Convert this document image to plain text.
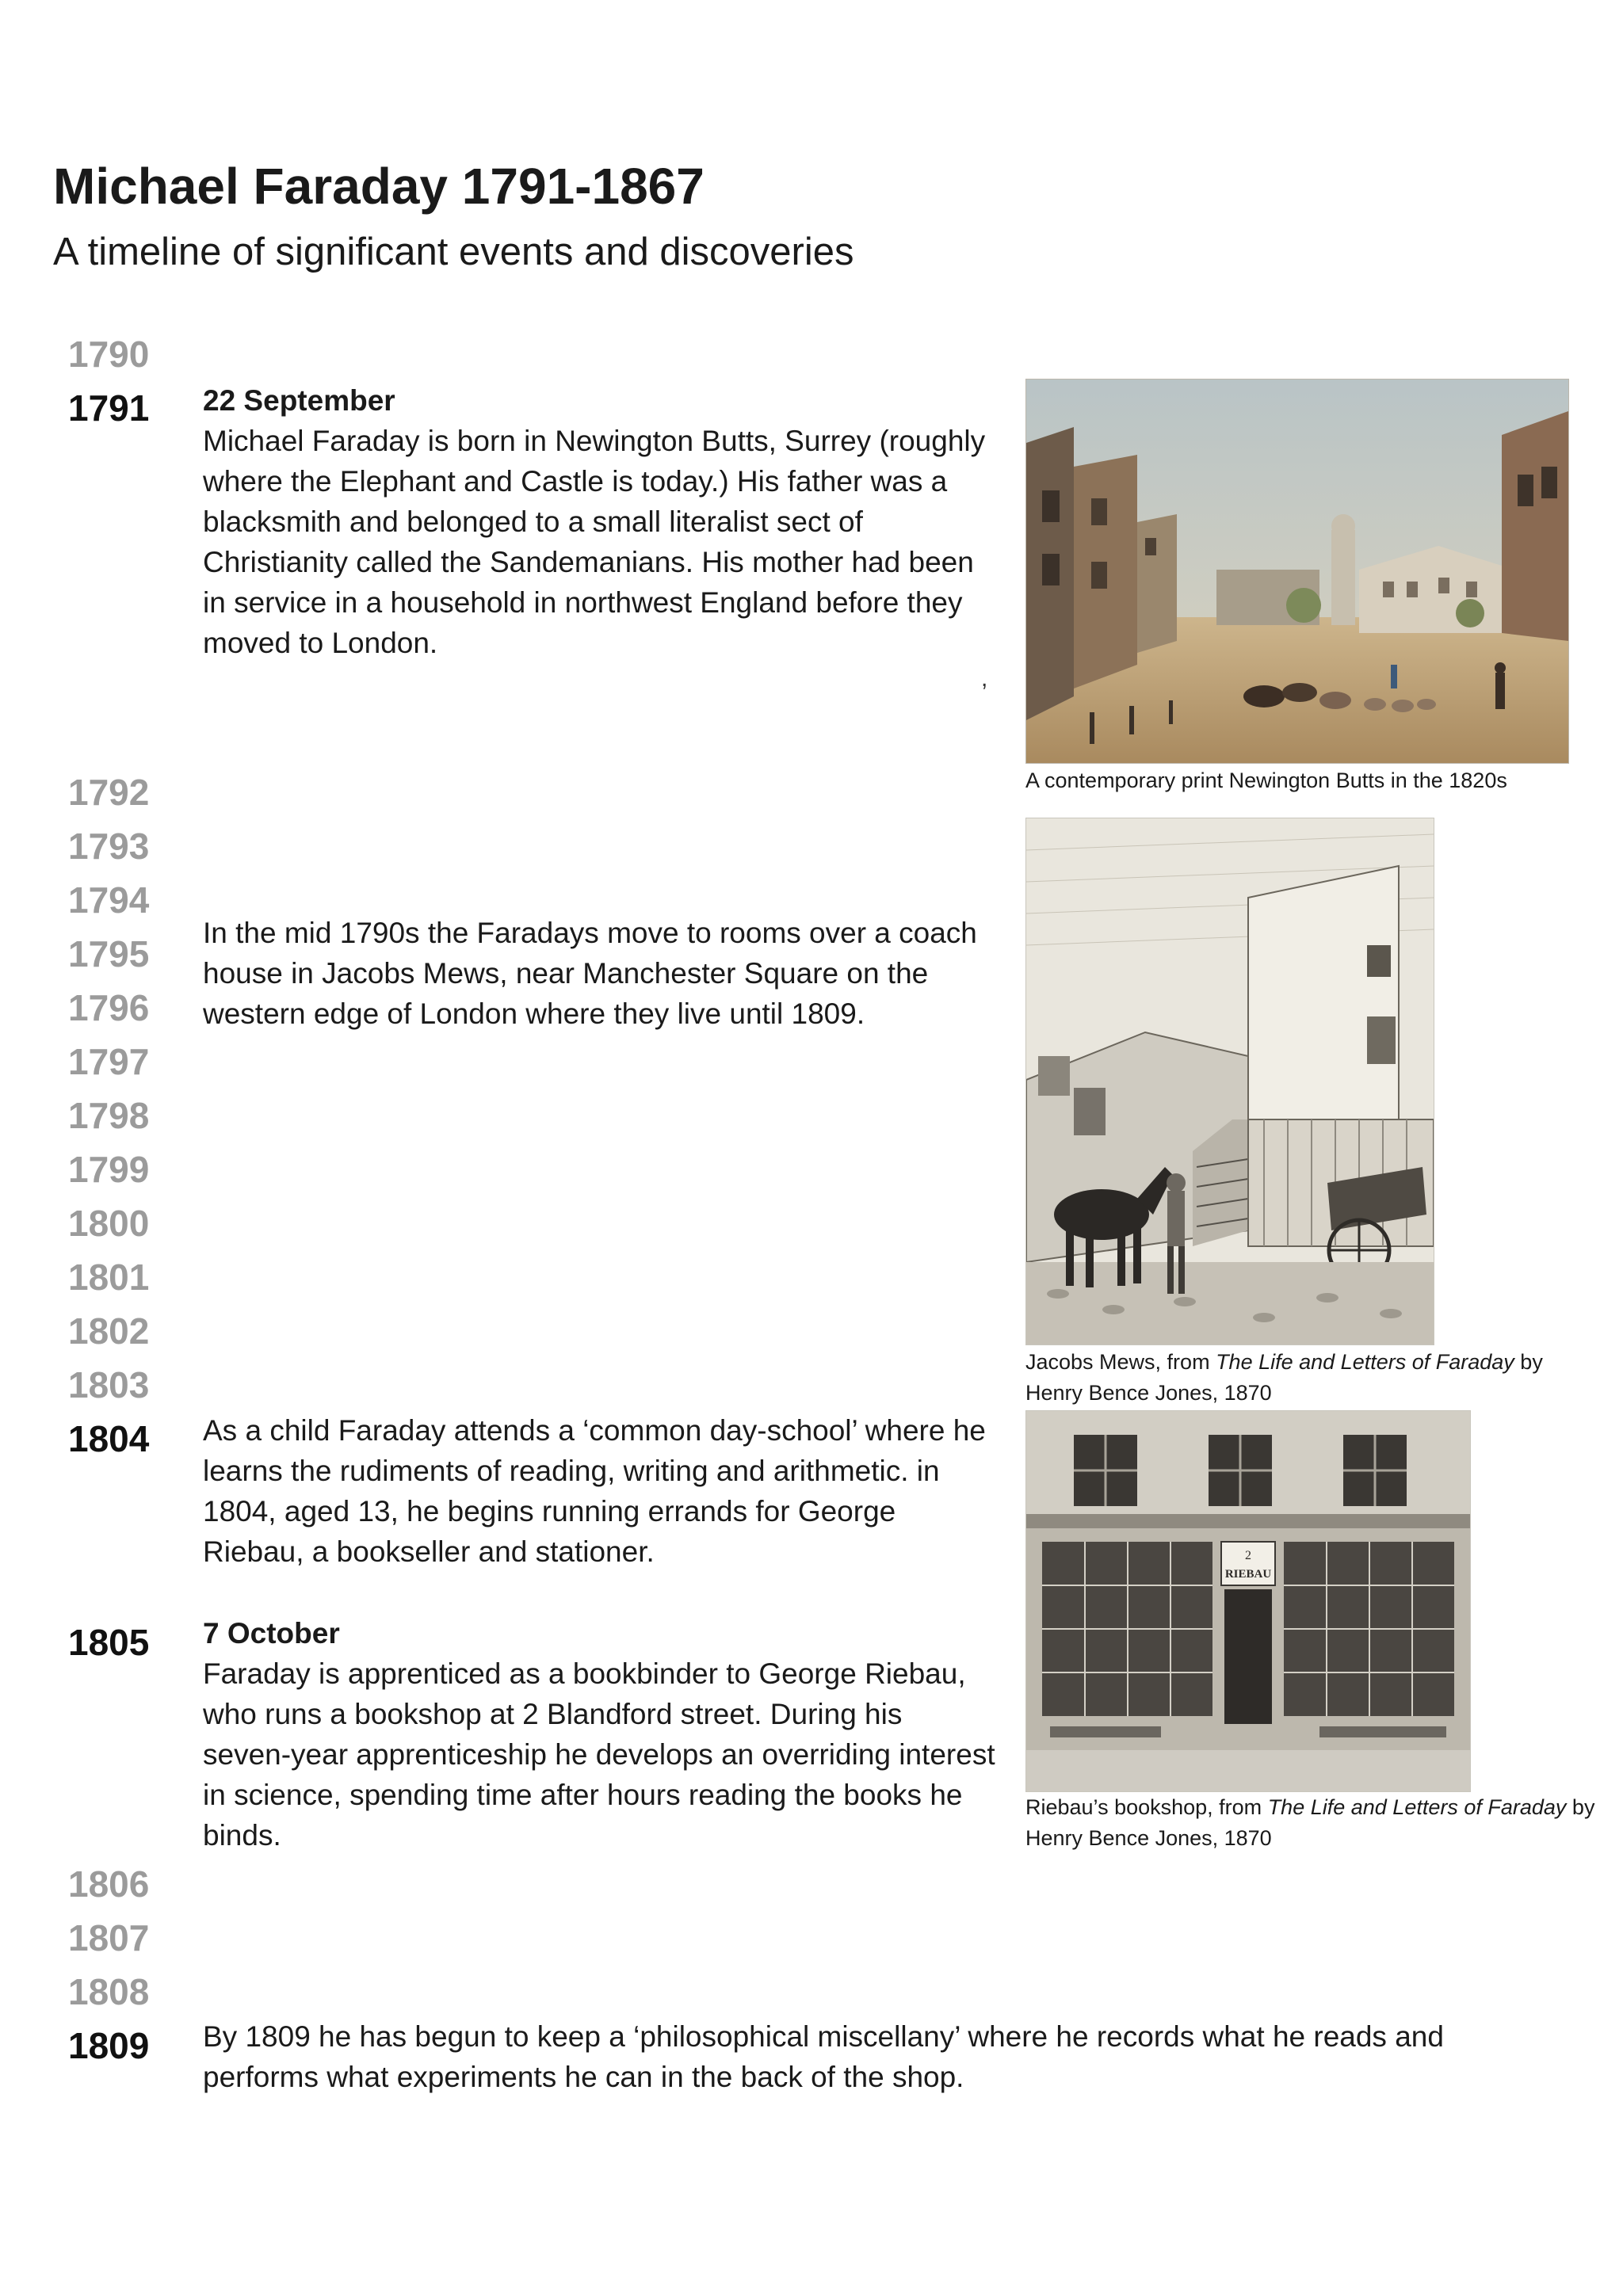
Michael Faraday 1791-1867

A timeline of significant events and discoveries

1790
1791
1792
1793
1794
1795
1796
1797
1798
1799
1800
1801
1802
1803
1804
1805
1806
1807
1808
1809
22 September
Michael Faraday is born in Newington Butts, Surrey (roughly where the Elephant and Castle is today.) His father was a blacksmith and belonged to a small literalist sect of Christianity called the Sandemanians. His mother had been in service in a household in northwest England before they moved to London.
In the mid 1790s the Faradays move to rooms over a coach house in Jacobs Mews, near Manchester Square on the western edge of London where they live until 1809.
As a child Faraday attends a ‘common day-school’ where he learns the rudiments of reading, writing and arithmetic. in 1804, aged 13, he begins running errands for George Riebau, a bookseller and stationer.
7 October
Faraday is apprenticed as a bookbinder to George Riebau, who runs a bookshop at 2 Blandford street. During his seven-year apprenticeship he develops an overriding interest in science, spending time after hours reading the books he binds.
By 1809 he has begun to keep a ‘philosophical miscellany’ where he records what he reads and performs what experiments he can in the back of the shop.
,
A contemporary print Newington Butts in the 1820s
Jacobs Mews, from The Life and Letters of Faraday by Henry Bence Jones, 1870
2
RIEBAU
Riebau’s bookshop, from The Life and Letters of Faraday by Henry Bence Jones, 1870
